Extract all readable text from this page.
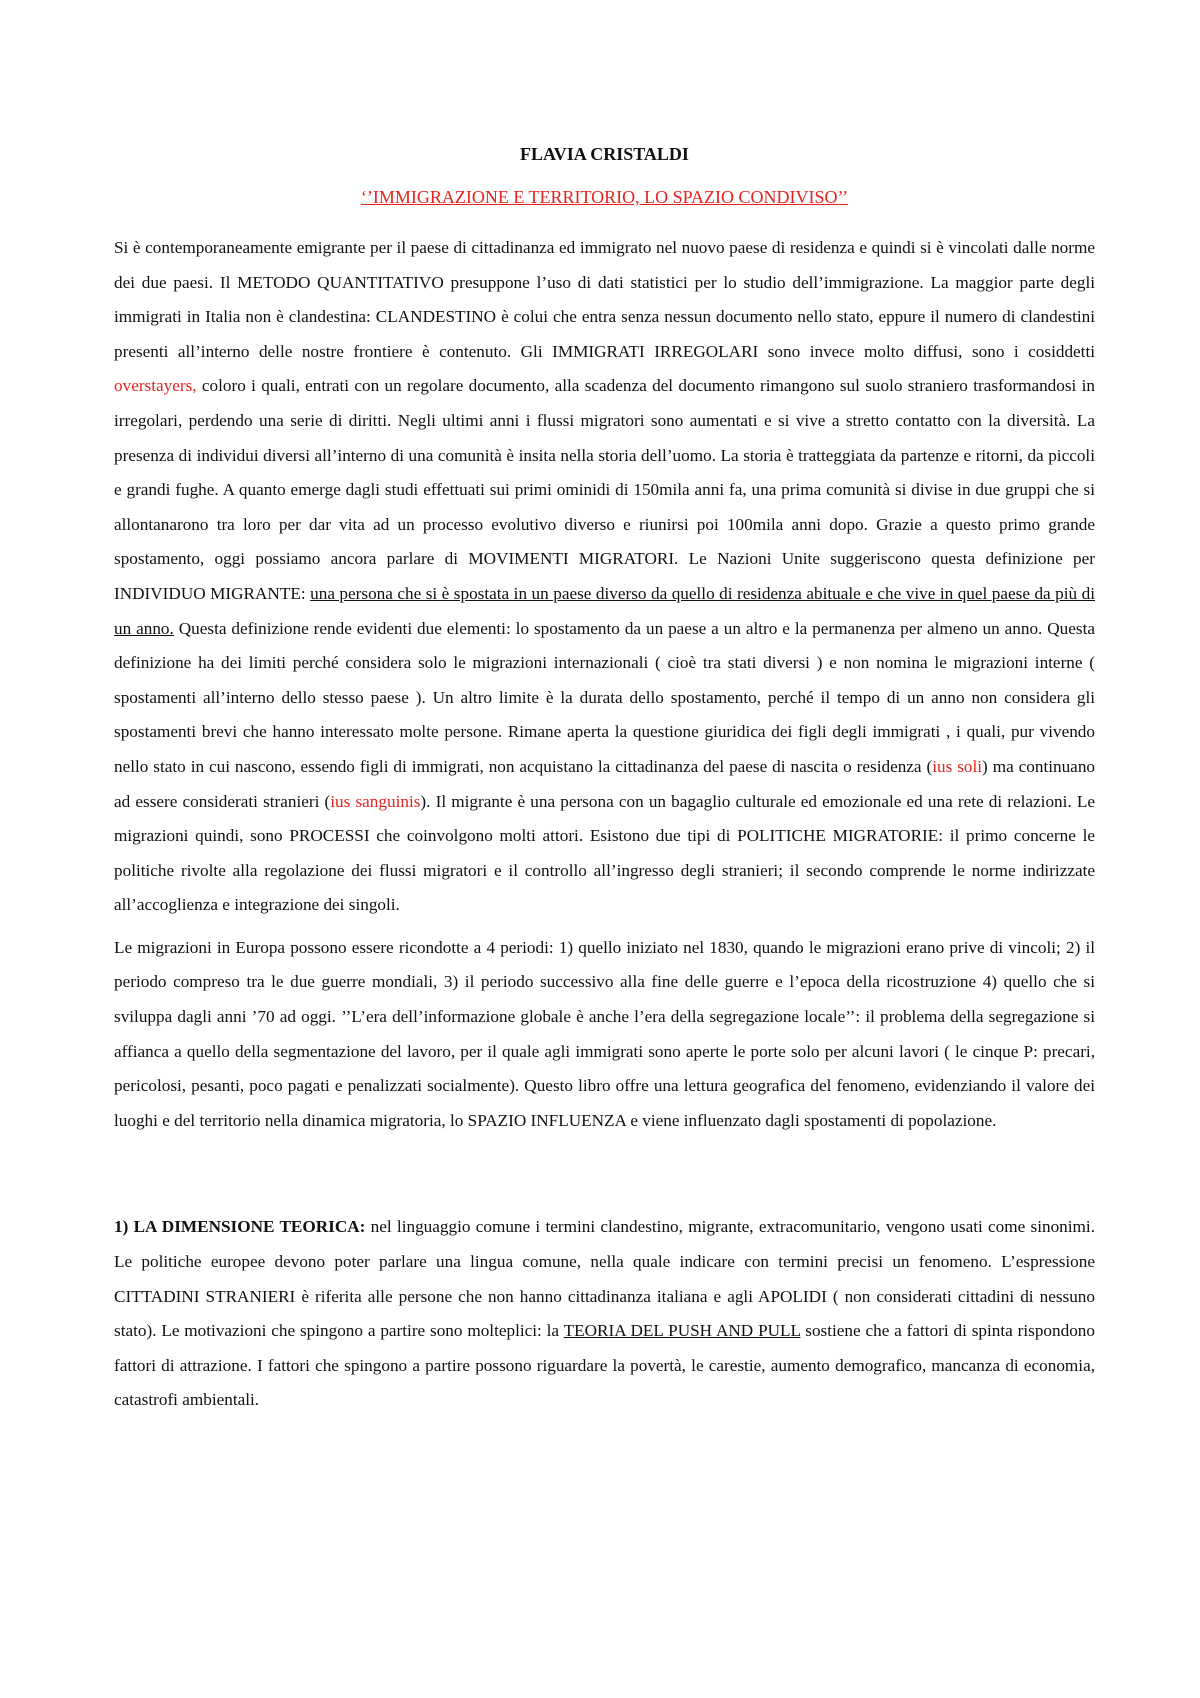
FLAVIA CRISTALDI
‘’IMMIGRAZIONE E TERRITORIO, LO SPAZIO CONDIVISO’’

Si è contemporaneamente emigrante per il paese di cittadinanza ed immigrato nel nuovo paese di residenza e quindi si è vincolati dalle norme dei due paesi. Il METODO QUANTITATIVO presuppone l’uso di dati statistici per lo studio dell’immigrazione. La maggior parte degli immigrati in Italia non è clandestina: CLANDESTINO è colui che entra senza nessun documento nello stato, eppure il numero di clandestini presenti all’interno delle nostre frontiere è contenuto. Gli IMMIGRATI IRREGOLARI sono invece molto diffusi, sono i cosiddetti overstayers, coloro i quali, entrati con un regolare documento, alla scadenza del documento rimangono sul suolo straniero trasformandosi in irregolari, perdendo una serie di diritti. Negli ultimi anni i flussi migratori sono aumentati e si vive a stretto contatto con la diversità. La presenza di individui diversi all’interno di una comunità è insita nella storia dell’uomo. La storia è tratteggiata da partenze e ritorni, da piccoli e grandi fughe. A quanto emerge dagli studi effettuati sui primi ominidi di 150mila anni fa, una prima comunità si divise in due gruppi che si allontanarono tra loro per dar vita ad un processo evolutivo diverso e riunirsi poi 100mila anni dopo. Grazie a questo primo grande spostamento, oggi possiamo ancora parlare di MOVIMENTI MIGRATORI. Le Nazioni Unite suggeriscono questa definizione per INDIVIDUO MIGRANTE: una persona che si è spostata in un paese diverso da quello di residenza abituale e che vive in quel paese da più di un anno. Questa definizione rende evidenti due elementi: lo spostamento da un paese a un altro e la permanenza per almeno un anno. Questa definizione ha dei limiti perché considera solo le migrazioni internazionali ( cioè tra stati diversi ) e non nomina le migrazioni interne ( spostamenti all’interno dello stesso paese ). Un altro limite è la durata dello spostamento, perché il tempo di un anno non considera gli spostamenti brevi che hanno interessato molte persone. Rimane aperta la questione giuridica dei figli degli immigrati , i quali, pur vivendo nello stato in cui nascono, essendo figli di immigrati, non acquistano la cittadinanza del paese di nascita o residenza (ius soli) ma continuano ad essere considerati stranieri (ius sanguinis). Il migrante è una persona con un bagaglio culturale ed emozionale ed una rete di relazioni. Le migrazioni quindi, sono PROCESSI che coinvolgono molti attori. Esistono due tipi di POLITICHE MIGRATORIE: il primo concerne le politiche rivolte alla regolazione dei flussi migratori e il controllo all’ingresso degli stranieri; il secondo comprende le norme indirizzate all’accoglienza e integrazione dei singoli.

Le migrazioni in Europa possono essere ricondotte a 4 periodi: 1) quello iniziato nel 1830, quando le migrazioni erano prive di vincoli; 2) il periodo compreso tra le due guerre mondiali, 3) il periodo successivo alla fine delle guerre e l’epoca della ricostruzione 4) quello che si sviluppa dagli anni ’70 ad oggi. ’’L’era dell’informazione globale è anche l’era della segregazione locale’’: il problema della segregazione si affianca a quello della segmentazione del lavoro, per il quale agli immigrati sono aperte le porte solo per alcuni lavori ( le cinque P: precari, pericolosi, pesanti, poco pagati e penalizzati socialmente). Questo libro offre una lettura geografica del fenomeno, evidenziando il valore dei luoghi e del territorio nella dinamica migratoria, lo SPAZIO INFLUENZA e viene influenzato dagli spostamenti di popolazione.

1) LA DIMENSIONE TEORICA: nel linguaggio comune i termini clandestino, migrante, extracomunitario, vengono usati come sinonimi. Le politiche europee devono poter parlare una lingua comune, nella quale indicare con termini precisi un fenomeno. L’espressione CITTADINI STRANIERI è riferita alle persone che non hanno cittadinanza italiana e agli APOLIDI ( non considerati cittadini di nessuno stato). Le motivazioni che spingono a partire sono molteplici: la TEORIA DEL PUSH AND PULL sostiene che a fattori di spinta rispondono fattori di attrazione. I fattori che spingono a partire possono riguardare la povertà, le carestie, aumento demografico, mancanza di economia, catastrofi ambientali.
